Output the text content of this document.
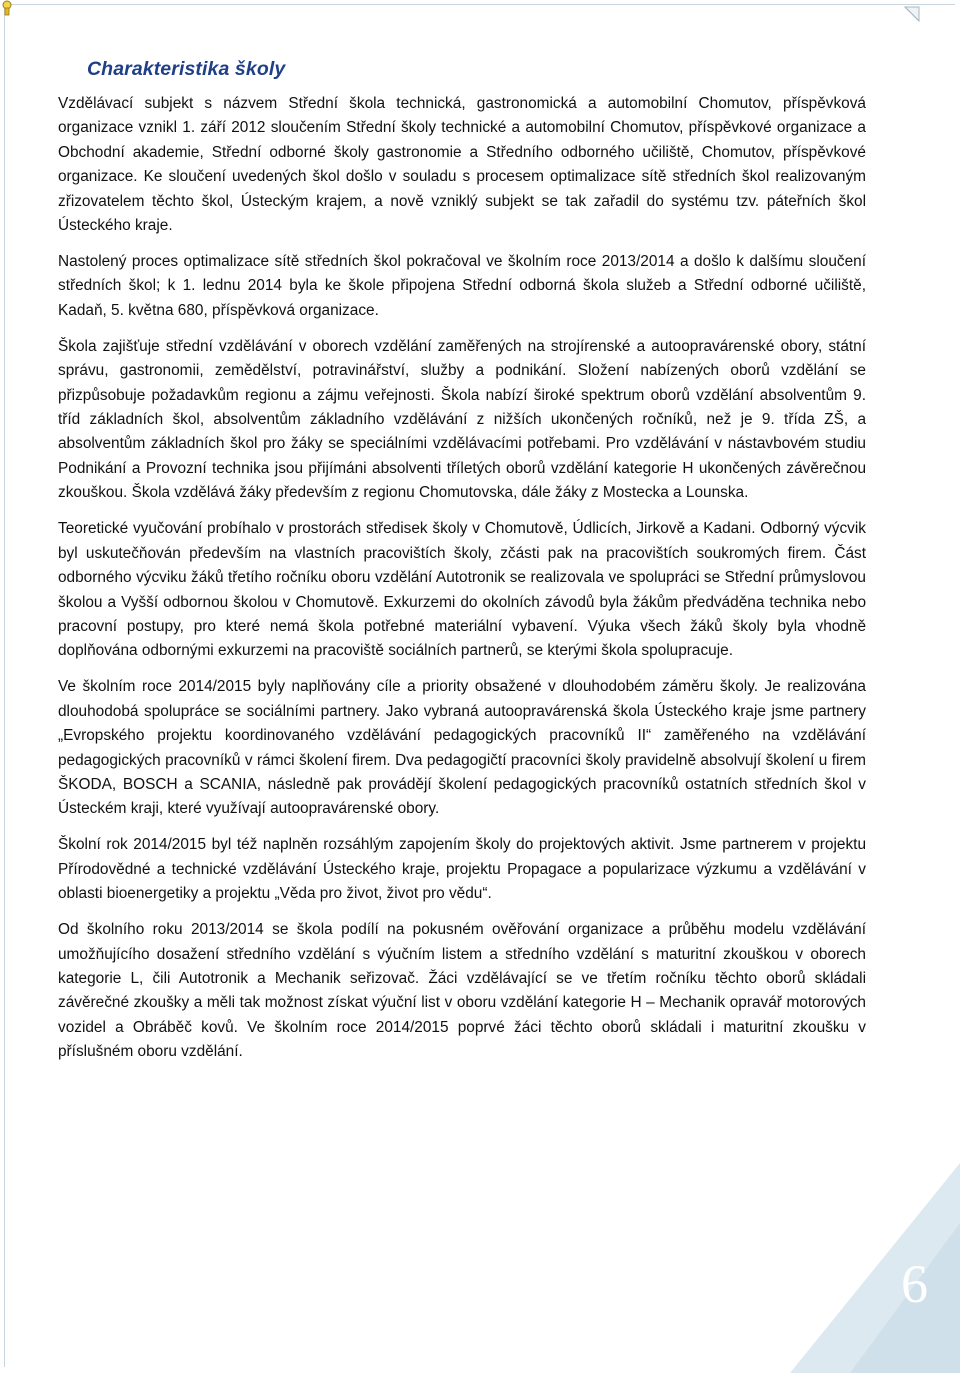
6
Charakteristika školy

Vzdělávací subjekt s názvem Střední škola technická, gastronomická a automobilní Chomutov, příspěvková organizace vznikl 1. září 2012 sloučením Střední školy technické a automobilní Chomutov, příspěvkové organizace a Obchodní akademie, Střední odborné školy gastronomie a Středního odborného učiliště, Chomutov, příspěvkové organizace. Ke sloučení uvedených škol došlo v souladu s procesem optimalizace sítě středních škol realizovaným zřizovatelem těchto škol, Ústeckým krajem, a nově vzniklý subjekt se tak zařadil do systému tzv. páteřních škol Ústeckého kraje.

Nastolený proces optimalizace sítě středních škol pokračoval ve školním roce 2013/2014 a došlo k dalšímu sloučení středních škol; k 1. lednu 2014 byla ke škole připojena Střední odborná škola služeb a Střední odborné učiliště, Kadaň, 5. května 680, příspěvková organizace.

Škola zajišťuje střední vzdělávání v oborech vzdělání zaměřených na strojírenské a autoopravárenské obory, státní správu, gastronomii, zemědělství, potravinářství, služby a podnikání. Složení nabízených oborů vzdělání se přizpůsobuje požadavkům regionu a zájmu veřejnosti. Škola nabízí široké spektrum oborů vzdělání absolventům 9. tříd základních škol, absolventům základního vzdělávání z nižších ukončených ročníků, než je 9. třída ZŠ, a absolventům základních škol pro žáky se speciálními vzdělávacími potřebami. Pro vzdělávání v nástavbovém studiu Podnikání a Provozní technika jsou přijímáni absolventi tříletých oborů vzdělání kategorie H ukončených závěrečnou zkouškou. Škola vzdělává žáky především z regionu Chomutovska, dále žáky z Mostecka a Lounska.

Teoretické vyučování probíhalo v prostorách středisek školy v Chomutově, Údlicích, Jirkově a Kadani. Odborný výcvik byl uskutečňován především na vlastních pracovištích školy, zčásti pak na pracovištích soukromých firem. Část odborného výcviku žáků třetího ročníku oboru vzdělání Autotronik se realizovala ve spolupráci se Střední průmyslovou školou a Vyšší odbornou školou v Chomutově. Exkurzemi do okolních závodů byla žákům předváděna technika nebo pracovní postupy, pro které nemá škola potřebné materiální vybavení. Výuka všech žáků školy byla vhodně doplňována odbornými exkurzemi na pracoviště sociálních partnerů, se kterými škola spolupracuje.

Ve školním roce 2014/2015 byly naplňovány cíle a priority obsažené v dlouhodobém záměru školy. Je realizována dlouhodobá spolupráce se sociálními partnery. Jako vybraná autoopravárenská škola Ústeckého kraje jsme partnery „Evropského projektu koordinovaného vzdělávání pedagogických pracovníků II“ zaměřeného na vzdělávání pedagogických pracovníků v rámci školení firem. Dva pedagogičtí pracovníci školy pravidelně absolvují školení u firem ŠKODA, BOSCH a SCANIA, následně pak provádějí školení pedagogických pracovníků ostatních středních škol v Ústeckém kraji, které využívají autoopravárenské obory.

Školní rok 2014/2015 byl též naplněn rozsáhlým zapojením školy do projektových aktivit. Jsme partnerem v projektu Přírodovědné a technické vzdělávání Ústeckého kraje, projektu Propagace a popularizace výzkumu a vzdělávání v oblasti bioenergetiky a projektu „Věda pro život, život pro vědu“.

Od školního roku 2013/2014 se škola podílí na pokusném ověřování organizace a průběhu modelu vzdělávání umožňujícího dosažení středního vzdělání s výučním listem a středního vzdělání s maturitní zkouškou v oborech kategorie L, čili Autotronik a Mechanik seřizovač. Žáci vzdělávající se ve třetím ročníku těchto oborů skládali závěrečné zkoušky a měli tak možnost získat výuční list v oboru vzdělání kategorie H – Mechanik opravář motorových vozidel a Obráběč kovů. Ve školním roce 2014/2015 poprvé žáci těchto oborů skládali i maturitní zkoušku v příslušném oboru vzdělání.
